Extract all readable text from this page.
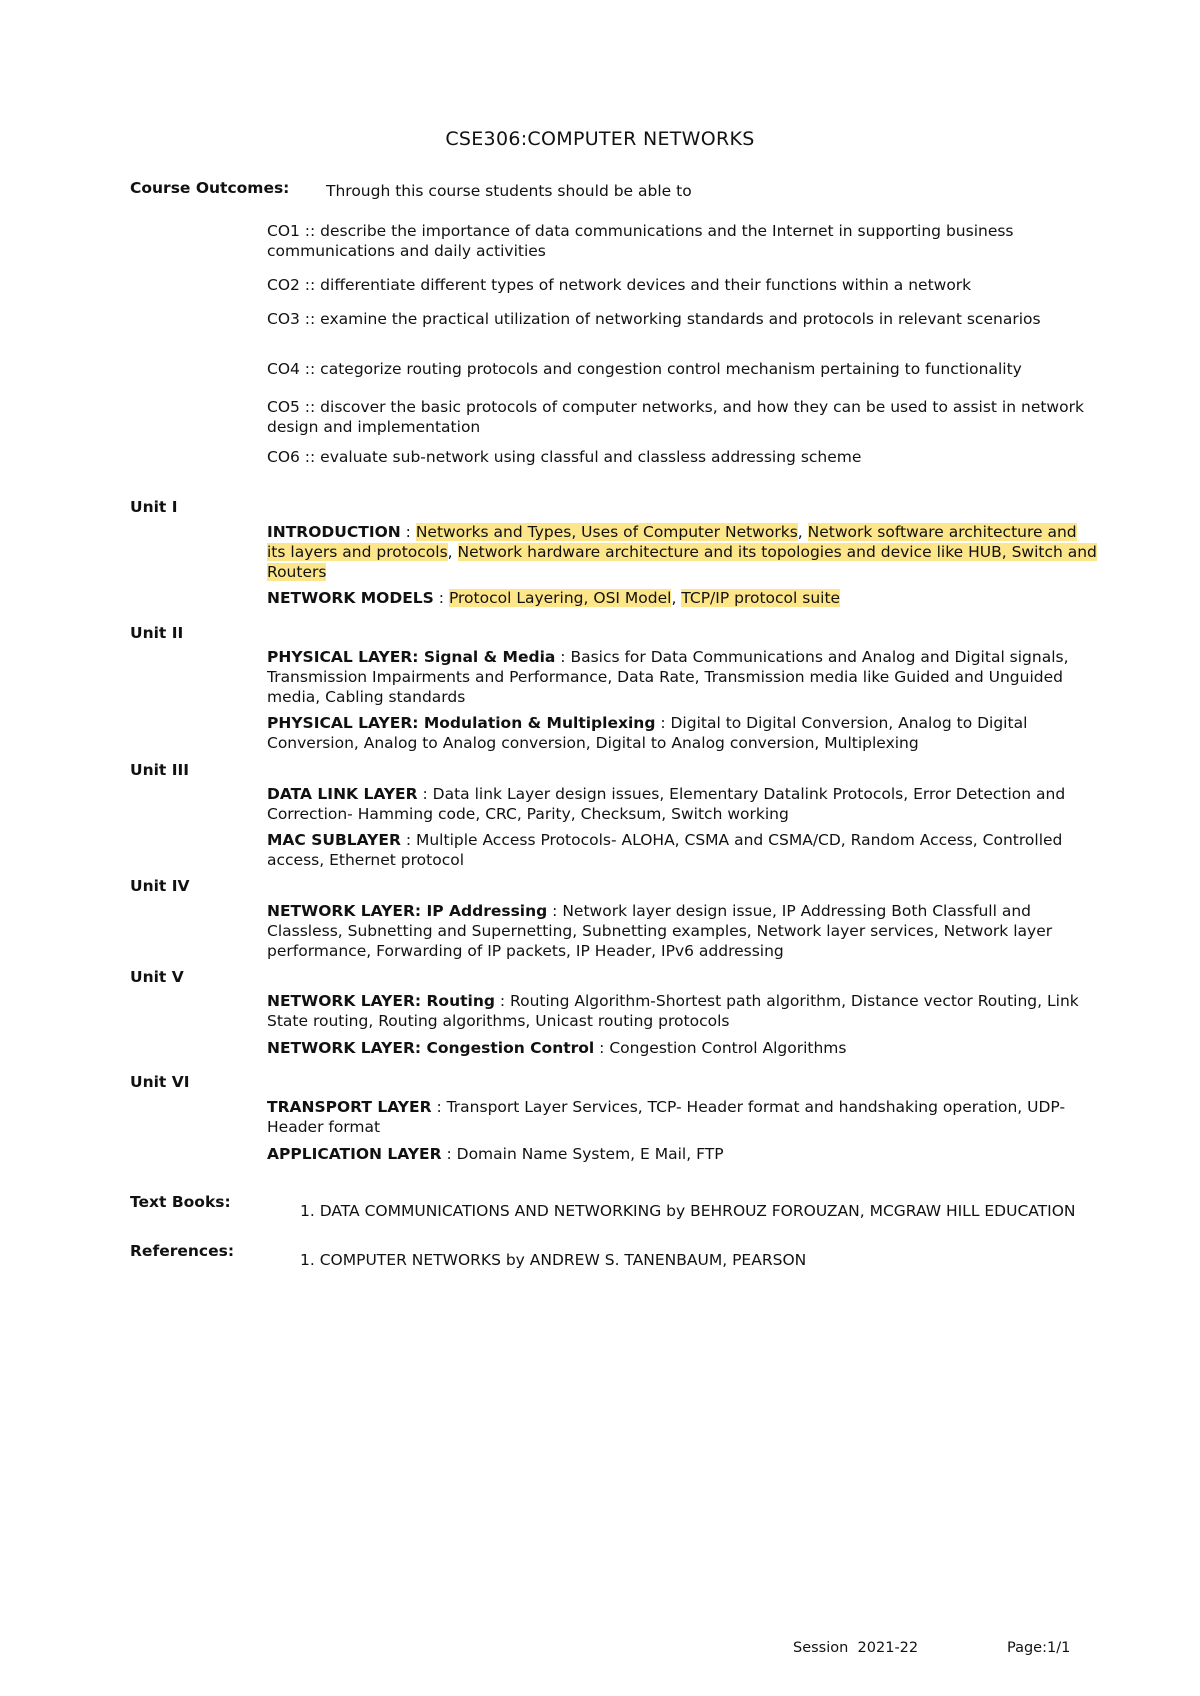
CSE306:COMPUTER NETWORKS
Course Outcomes: Through this course students should be able to
CO1 :: describe the importance of data communications and the Internet in supporting business communications and daily activities
CO2 :: differentiate different types of network devices and their functions within a network
CO3 :: examine the practical utilization of networking standards and protocols in relevant scenarios
CO4 :: categorize routing protocols and congestion control mechanism pertaining to functionality
CO5 :: discover the basic protocols of computer networks, and how they can be used to assist in network design and implementation
CO6 :: evaluate sub-network using classful and classless addressing scheme
Unit I
INTRODUCTION : Networks and Types, Uses of Computer Networks, Network software architecture and its layers and protocols, Network hardware architecture and its topologies and device like HUB, Switch and Routers
NETWORK MODELS : Protocol Layering, OSI Model, TCP/IP protocol suite
Unit II
PHYSICAL LAYER: Signal & Media : Basics for Data Communications and Analog and Digital signals, Transmission Impairments and Performance, Data Rate, Transmission media like Guided and Unguided media, Cabling standards
PHYSICAL LAYER: Modulation & Multiplexing : Digital to Digital Conversion, Analog to Digital Conversion, Analog to Analog conversion, Digital to Analog conversion, Multiplexing
Unit III
DATA LINK LAYER : Data link Layer design issues, Elementary Datalink Protocols, Error Detection and Correction- Hamming code, CRC, Parity, Checksum, Switch working
MAC SUBLAYER : Multiple Access Protocols- ALOHA, CSMA and CSMA/CD, Random Access, Controlled access, Ethernet protocol
Unit IV
NETWORK LAYER: IP Addressing : Network layer design issue, IP Addressing Both Classfull and Classless, Subnetting and Supernetting, Subnetting examples, Network layer services, Network layer performance, Forwarding of IP packets, IP Header, IPv6 addressing
Unit V
NETWORK LAYER: Routing : Routing Algorithm-Shortest path algorithm, Distance vector Routing, Link State routing, Routing algorithms, Unicast routing protocols
NETWORK LAYER: Congestion Control : Congestion Control Algorithms
Unit VI
TRANSPORT LAYER : Transport Layer Services, TCP- Header format and handshaking operation, UDP- Header format
APPLICATION LAYER : Domain Name System, E Mail, FTP
Text Books:	1. DATA COMMUNICATIONS AND NETWORKING by BEHROUZ FOROUZAN, MCGRAW HILL EDUCATION
References:	1. COMPUTER NETWORKS by ANDREW S. TANENBAUM, PEARSON
Session  2021-22	Page:1/1
